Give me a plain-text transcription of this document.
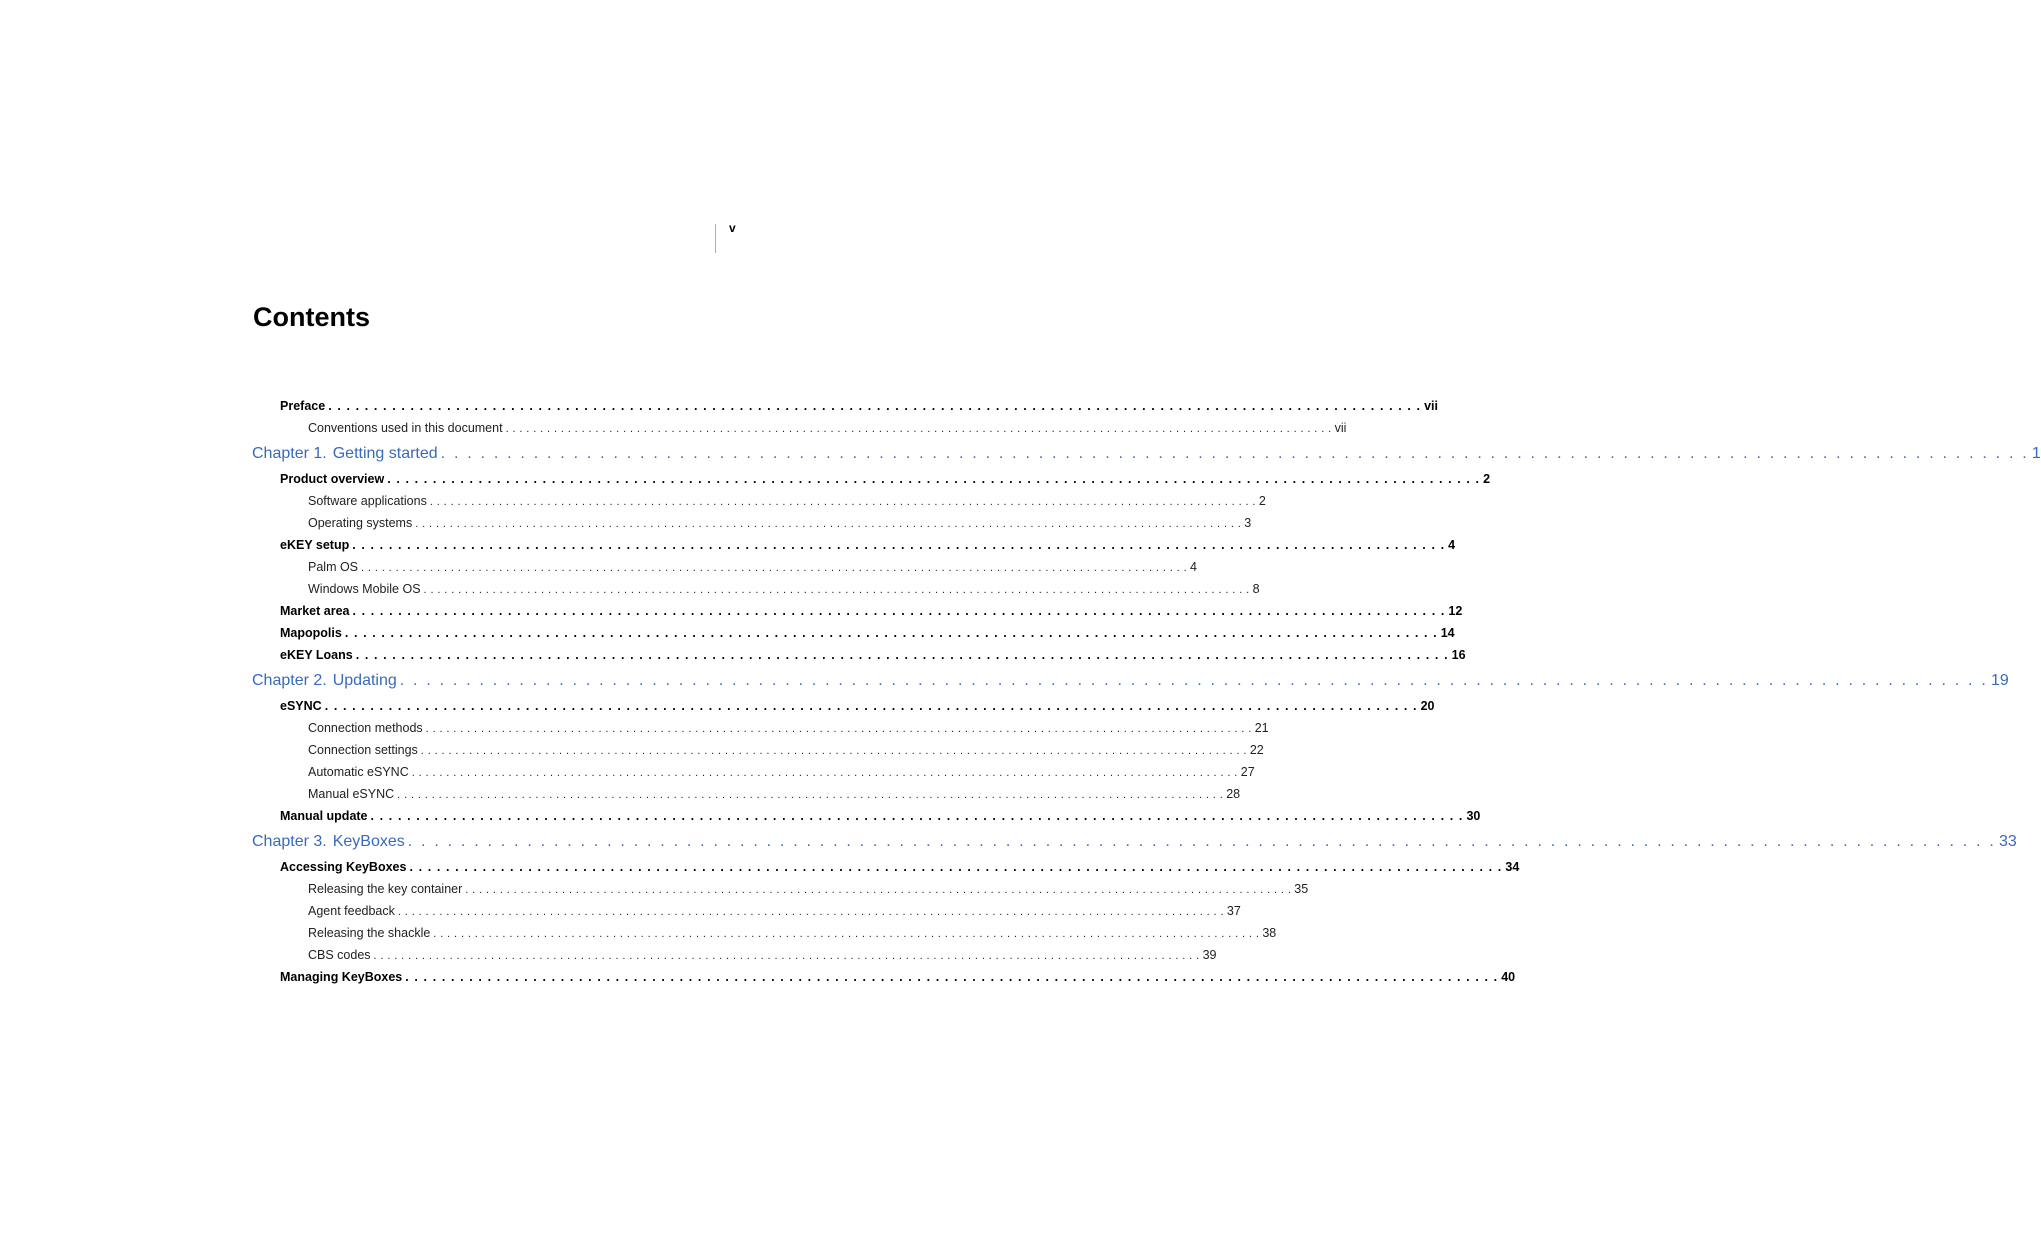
v
Contents
Preface . . . . . . . . . . . . . . . . . . . . . . . . . . . . . . . . . . . . . . . . . . . . . . . . . . . . . . . . . . . . . . . . . . . . . . . . . . . . . . . . . . . . . . . . . . . . . . . . . . . . . . . . . . . . . . . . . . . . . . . . vii
Conventions used in this document . . . . . . . . . . . . . . . . . . . . . . . . . . . . . . . . . . . . . . . . . . . . . . . . . . . . . . . . . . . . . . . . . . . . . . . . . . . . . . . . . . . . . . . . . . . . . . . . . . . . . . . . . . . . . . . . . . . . . . . . vii
Chapter 1. Getting started . . . . . . . . . . . . . . . . . . . . . . . . . . . . . . . . . . . . . . . . . . . . . . . . . . . . . . . . . . . . . . . . . . . . . . . . . . . . . . . . . . . . . . . . . . . . . . . . . . . . . . . . . . . . . . . . . . . . . . . . 1
Product overview . . . . . . . . . . . . . . . . . . . . . . . . . . . . . . . . . . . . . . . . . . . . . . . . . . . . . . . . . . . . . . . . . . . . . . . . . . . . . . . . . . . . . . . . . . . . . . . . . . . . . . . . . . . . . . . . . . . . . . . . 2
Software applications . . . . . . . . . . . . . . . . . . . . . . . . . . . . . . . . . . . . . . . . . . . . . . . . . . . . . . . . . . . . . . . . . . . . . . . . . . . . . . . . . . . . . . . . . . . . . . . . . . . . . . . . . . . . . . . . . . . . . . . . 2
Operating systems . . . . . . . . . . . . . . . . . . . . . . . . . . . . . . . . . . . . . . . . . . . . . . . . . . . . . . . . . . . . . . . . . . . . . . . . . . . . . . . . . . . . . . . . . . . . . . . . . . . . . . . . . . . . . . . . . . . . . . . . 3
eKEY setup . . . . . . . . . . . . . . . . . . . . . . . . . . . . . . . . . . . . . . . . . . . . . . . . . . . . . . . . . . . . . . . . . . . . . . . . . . . . . . . . . . . . . . . . . . . . . . . . . . . . . . . . . . . . . . . . . . . . . . . . 4
Palm OS . . . . . . . . . . . . . . . . . . . . . . . . . . . . . . . . . . . . . . . . . . . . . . . . . . . . . . . . . . . . . . . . . . . . . . . . . . . . . . . . . . . . . . . . . . . . . . . . . . . . . . . . . . . . . . . . . . . . . . . . 4
Windows Mobile OS . . . . . . . . . . . . . . . . . . . . . . . . . . . . . . . . . . . . . . . . . . . . . . . . . . . . . . . . . . . . . . . . . . . . . . . . . . . . . . . . . . . . . . . . . . . . . . . . . . . . . . . . . . . . . . . . . . . . . . . . 8
Market area . . . . . . . . . . . . . . . . . . . . . . . . . . . . . . . . . . . . . . . . . . . . . . . . . . . . . . . . . . . . . . . . . . . . . . . . . . . . . . . . . . . . . . . . . . . . . . . . . . . . . . . . . . . . . . . . . . . . . . . . 12
Mapopolis . . . . . . . . . . . . . . . . . . . . . . . . . . . . . . . . . . . . . . . . . . . . . . . . . . . . . . . . . . . . . . . . . . . . . . . . . . . . . . . . . . . . . . . . . . . . . . . . . . . . . . . . . . . . . . . . . . . . . . . . 14
eKEY Loans . . . . . . . . . . . . . . . . . . . . . . . . . . . . . . . . . . . . . . . . . . . . . . . . . . . . . . . . . . . . . . . . . . . . . . . . . . . . . . . . . . . . . . . . . . . . . . . . . . . . . . . . . . . . . . . . . . . . . . . . 16
Chapter 2. Updating . . . . . . . . . . . . . . . . . . . . . . . . . . . . . . . . . . . . . . . . . . . . . . . . . . . . . . . . . . . . . . . . . . . . . . . . . . . . . . . . . . . . . . . . . . . . . . . . . . . . . . . . . . . . . . . . . . . . . . . . 19
eSYNC . . . . . . . . . . . . . . . . . . . . . . . . . . . . . . . . . . . . . . . . . . . . . . . . . . . . . . . . . . . . . . . . . . . . . . . . . . . . . . . . . . . . . . . . . . . . . . . . . . . . . . . . . . . . . . . . . . . . . . . . 20
Connection methods . . . . . . . . . . . . . . . . . . . . . . . . . . . . . . . . . . . . . . . . . . . . . . . . . . . . . . . . . . . . . . . . . . . . . . . . . . . . . . . . . . . . . . . . . . . . . . . . . . . . . . . . . . . . . . . . . . . . . . . . 21
Connection settings . . . . . . . . . . . . . . . . . . . . . . . . . . . . . . . . . . . . . . . . . . . . . . . . . . . . . . . . . . . . . . . . . . . . . . . . . . . . . . . . . . . . . . . . . . . . . . . . . . . . . . . . . . . . . . . . . . . . . . . . 22
Automatic eSYNC . . . . . . . . . . . . . . . . . . . . . . . . . . . . . . . . . . . . . . . . . . . . . . . . . . . . . . . . . . . . . . . . . . . . . . . . . . . . . . . . . . . . . . . . . . . . . . . . . . . . . . . . . . . . . . . . . . . . . . . . 27
Manual eSYNC . . . . . . . . . . . . . . . . . . . . . . . . . . . . . . . . . . . . . . . . . . . . . . . . . . . . . . . . . . . . . . . . . . . . . . . . . . . . . . . . . . . . . . . . . . . . . . . . . . . . . . . . . . . . . . . . . . . . . . . . 28
Manual update . . . . . . . . . . . . . . . . . . . . . . . . . . . . . . . . . . . . . . . . . . . . . . . . . . . . . . . . . . . . . . . . . . . . . . . . . . . . . . . . . . . . . . . . . . . . . . . . . . . . . . . . . . . . . . . . . . . . . . . . 30
Chapter 3. KeyBoxes . . . . . . . . . . . . . . . . . . . . . . . . . . . . . . . . . . . . . . . . . . . . . . . . . . . . . . . . . . . . . . . . . . . . . . . . . . . . . . . . . . . . . . . . . . . . . . . . . . . . . . . . . . . . . . . . . . . . . . . . 33
Accessing KeyBoxes . . . . . . . . . . . . . . . . . . . . . . . . . . . . . . . . . . . . . . . . . . . . . . . . . . . . . . . . . . . . . . . . . . . . . . . . . . . . . . . . . . . . . . . . . . . . . . . . . . . . . . . . . . . . . . . . . . . . . . . . 34
Releasing the key container . . . . . . . . . . . . . . . . . . . . . . . . . . . . . . . . . . . . . . . . . . . . . . . . . . . . . . . . . . . . . . . . . . . . . . . . . . . . . . . . . . . . . . . . . . . . . . . . . . . . . . . . . . . . . . . . . . . . . . . . 35
Agent feedback . . . . . . . . . . . . . . . . . . . . . . . . . . . . . . . . . . . . . . . . . . . . . . . . . . . . . . . . . . . . . . . . . . . . . . . . . . . . . . . . . . . . . . . . . . . . . . . . . . . . . . . . . . . . . . . . . . . . . . . . 37
Releasing the shackle . . . . . . . . . . . . . . . . . . . . . . . . . . . . . . . . . . . . . . . . . . . . . . . . . . . . . . . . . . . . . . . . . . . . . . . . . . . . . . . . . . . . . . . . . . . . . . . . . . . . . . . . . . . . . . . . . . . . . . . . 38
CBS codes . . . . . . . . . . . . . . . . . . . . . . . . . . . . . . . . . . . . . . . . . . . . . . . . . . . . . . . . . . . . . . . . . . . . . . . . . . . . . . . . . . . . . . . . . . . . . . . . . . . . . . . . . . . . . . . . . . . . . . . . 39
Managing KeyBoxes . . . . . . . . . . . . . . . . . . . . . . . . . . . . . . . . . . . . . . . . . . . . . . . . . . . . . . . . . . . . . . . . . . . . . . . . . . . . . . . . . . . . . . . . . . . . . . . . . . . . . . . . . . . . . . . . . . . . . . . . 40
